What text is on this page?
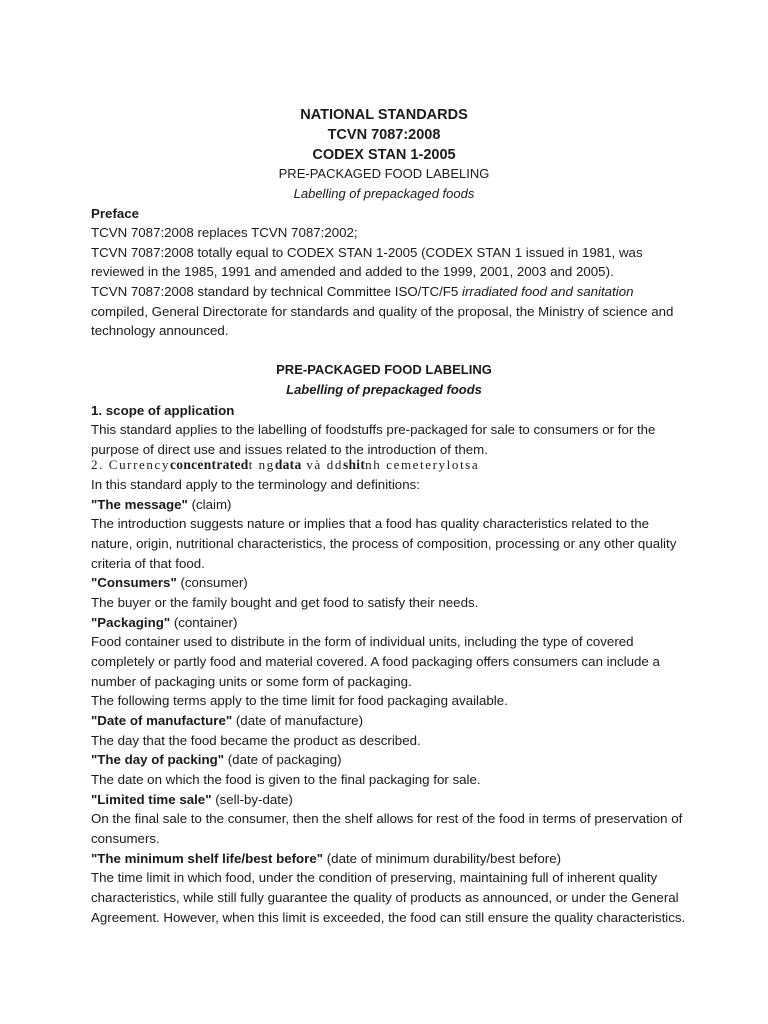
NATIONAL STANDARDS
TCVN 7087:2008
CODEX STAN 1-2005
PRE-PACKAGED FOOD LABELING
Labelling of prepackaged foods
Preface
TCVN 7087:2008 replaces TCVN 7087:2002;
TCVN 7087:2008 totally equal to CODEX STAN 1-2005 (CODEX STAN 1 issued in 1981, was
reviewed in the 1985, 1991 and amended and added to the 1999, 2001, 2003 and 2005).
TCVN 7087:2008 standard by technical Committee ISO/TC/F5 irradiated food and sanitation
compiled, General Directorate for standards and quality of the proposal, the Ministry of science and
technology announced.
PRE-PACKAGED FOOD LABELING
Labelling of prepackaged foods
1. scope of application
This standard applies to the labelling of foodstuffs pre-packaged for sale to consumers or for the
purpose of direct use and issues related to the introduction of them.
2. Currencyconcentratedt ngdata và ddshitnh cemeterylotsa
In this standard apply to the terminology and definitions:
"The message" (claim)
The introduction suggests nature or implies that a food has quality characteristics related to the
nature, origin, nutritional characteristics, the process of composition, processing or any other quality
criteria of that food.
"Consumers" (consumer)
The buyer or the family bought and get food to satisfy their needs.
"Packaging" (container)
Food container used to distribute in the form of individual units, including the type of covered
completely or partly food and material covered. A food packaging offers consumers can include a
number of packaging units or some form of packaging.
The following terms apply to the time limit for food packaging available.
"Date of manufacture" (date of manufacture)
The day that the food became the product as described.
"The day of packing" (date of packaging)
The date on which the food is given to the final packaging for sale.
"Limited time sale" (sell-by-date)
On the final sale to the consumer, then the shelf allows for rest of the food in terms of preservation of
consumers.
"The minimum shelf life/best before" (date of minimum durability/best before)
The time limit in which food, under the condition of preserving, maintaining full of inherent quality
characteristics, while still fully guarantee the quality of products as announced, or under the General
Agreement. However, when this limit is exceeded, the food can still ensure the quality characteristics.
